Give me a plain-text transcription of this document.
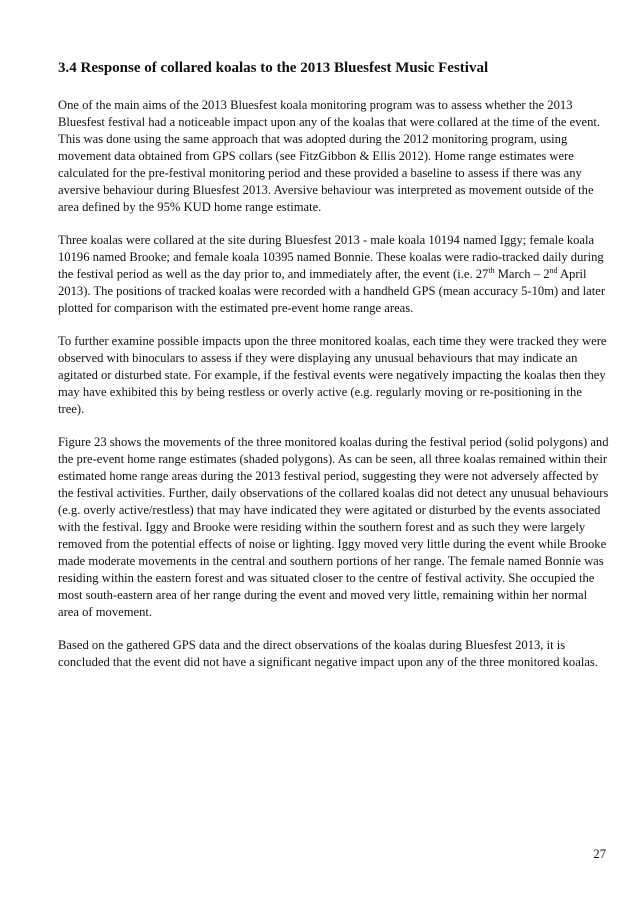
3.4 Response of collared koalas to the 2013 Bluesfest Music Festival

One of the main aims of the 2013 Bluesfest koala monitoring program was to assess whether the 2013 Bluesfest festival had a noticeable impact upon any of the koalas that were collared at the time of the event. This was done using the same approach that was adopted during the 2012 monitoring program, using movement data obtained from GPS collars (see FitzGibbon & Ellis 2012). Home range estimates were calculated for the pre-festival monitoring period and these provided a baseline to assess if there was any aversive behaviour during Bluesfest 2013. Aversive behaviour was interpreted as movement outside of the area defined by the 95% KUD home range estimate.

Three koalas were collared at the site during Bluesfest 2013 - male koala 10194 named Iggy; female koala 10196 named Brooke; and female koala 10395 named Bonnie. These koalas were radio-tracked daily during the festival period as well as the day prior to, and immediately after, the event (i.e. 27th March – 2nd April 2013). The positions of tracked koalas were recorded with a handheld GPS (mean accuracy 5-10m) and later plotted for comparison with the estimated pre-event home range areas.

To further examine possible impacts upon the three monitored koalas, each time they were tracked they were observed with binoculars to assess if they were displaying any unusual behaviours that may indicate an agitated or disturbed state. For example, if the festival events were negatively impacting the koalas then they may have exhibited this by being restless or overly active (e.g. regularly moving or re-positioning in the tree).

Figure 23 shows the movements of the three monitored koalas during the festival period (solid polygons) and the pre-event home range estimates (shaded polygons). As can be seen, all three koalas remained within their estimated home range areas during the 2013 festival period, suggesting they were not adversely affected by the festival activities. Further, daily observations of the collared koalas did not detect any unusual behaviours (e.g. overly active/restless) that may have indicated they were agitated or disturbed by the events associated with the festival. Iggy and Brooke were residing within the southern forest and as such they were largely removed from the potential effects of noise or lighting. Iggy moved very little during the event while Brooke made moderate movements in the central and southern portions of her range. The female named Bonnie was residing within the eastern forest and was situated closer to the centre of festival activity. She occupied the most south-eastern area of her range during the event and moved very little, remaining within her normal area of movement.

Based on the gathered GPS data and the direct observations of the koalas during Bluesfest 2013, it is concluded that the event did not have a significant negative impact upon any of the three monitored koalas.

27
